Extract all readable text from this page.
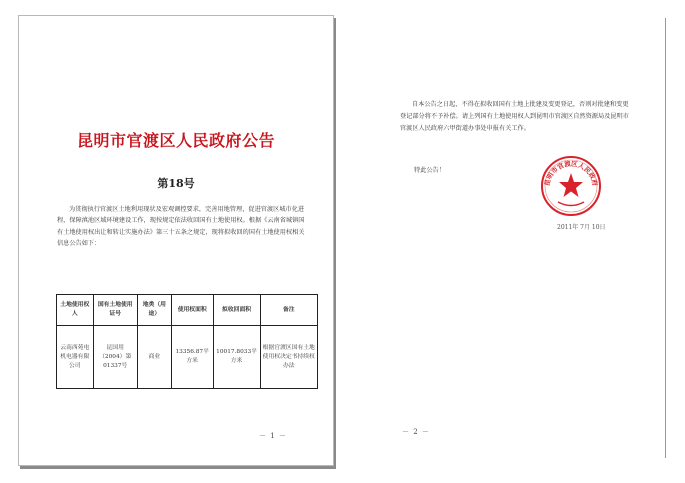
昆明市官渡区人民政府公告
第18号
为贯彻执行官渡区土地利用现状及宏观调控要求，完善用地管理，促进官渡区城市化进程，保障滇池区域环境建设工作，现按规定依法收回国有土地使用权。根据《云南省城镇国有土地使用权出让和转让实施办法》第三十五条之规定，现将拟收回的国有土地使用权相关信息公告如下：
土地使用权人	国有土地使用证号	地类（用途）	使用权面积	拟收回面积	备注
云南西苑电机电器有限公司	昆国用（2004）第01337号	商业	13356.87平方米	10017.8033平方米	根据官渡区国有土地使用权决定书持续权办法
－ 1 －
自本公告之日起，不得在拟收回国有土地上批建及变更登记，否则对批建和变更登记部分将不予补偿。请上列国有土地使用权人到昆明市官渡区自然资源局及昆明市官渡区人民政府六甲街道办事处申报有关工作。
特此公告！
昆明市官渡区人民政府
2011年 7月 10日
－ 2 －
